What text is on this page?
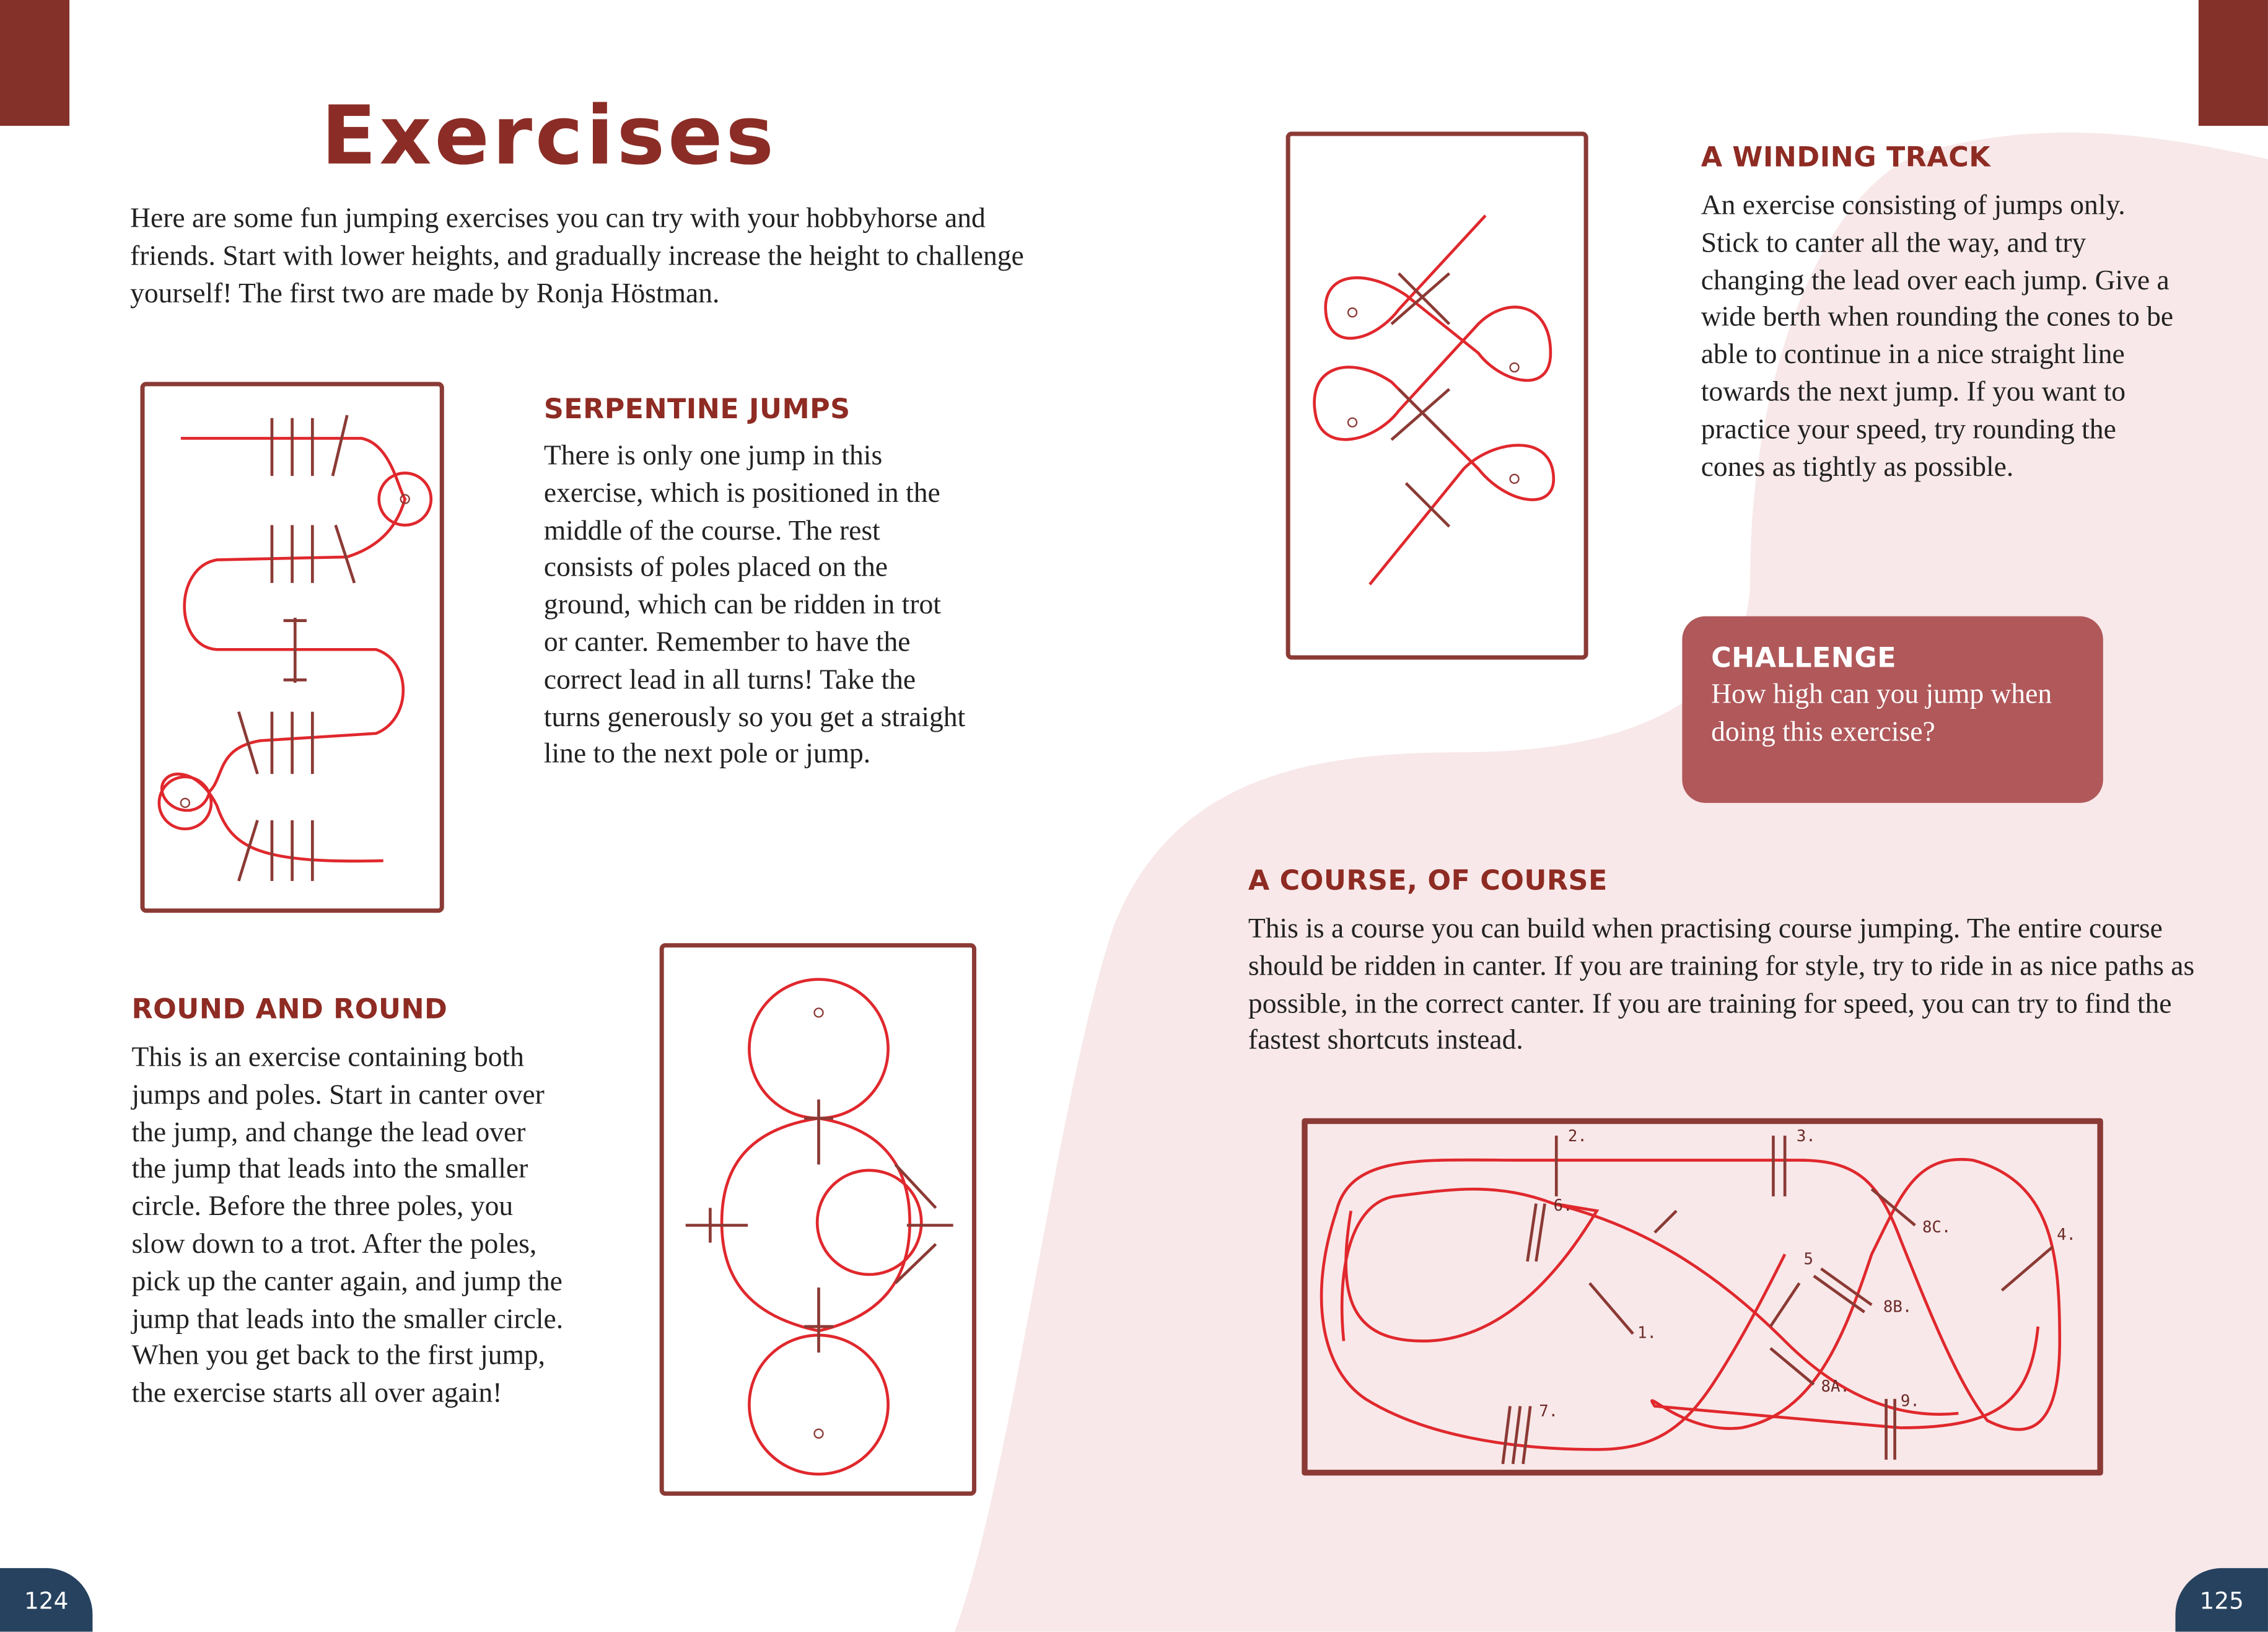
Exercises
Here are some fun jumping exercises you can try with your hobbyhorse and friends. Start with lower heights, and gradually increase the height to challenge yourself! The first two are made by Ronja Höstman.
SERPENTINE JUMPS
There is only one jump in this exercise, which is positioned in the middle of the course. The rest consists of poles placed on the ground, which can be ridden in trot or canter. Remember to have the correct lead in all turns! Take the turns generously so you get a straight line to the next pole or jump.
ROUND AND ROUND
This is an exercise containing both jumps and poles. Start in canter over the jump, and change the lead over the jump that leads into the smaller circle. Before the three poles, you slow down to a trot. After the poles, pick up the canter again, and jump the jump that leads into the smaller circle. When you get back to the first jump, the exercise starts all over again!
124
A WINDING TRACK
An exercise consisting of jumps only. Stick to canter all the way, and try changing the lead over each jump. Give a wide berth when rounding the cones to be able to continue in a nice straight line towards the next jump. If you want to practice your speed, try rounding the cones as tightly as possible.
CHALLENGE
How high can you jump when doing this exercise?
A COURSE, OF COURSE
This is a course you can build when practising course jumping. The entire course should be ridden in canter. If you are training for style, try to ride in as nice paths as possible, in the correct canter. If you are training for speed, you can try to find the fastest shortcuts instead.
1.
2.	3.
4.
5
6.
7.
8A.
8B.
8C.
9.
125
